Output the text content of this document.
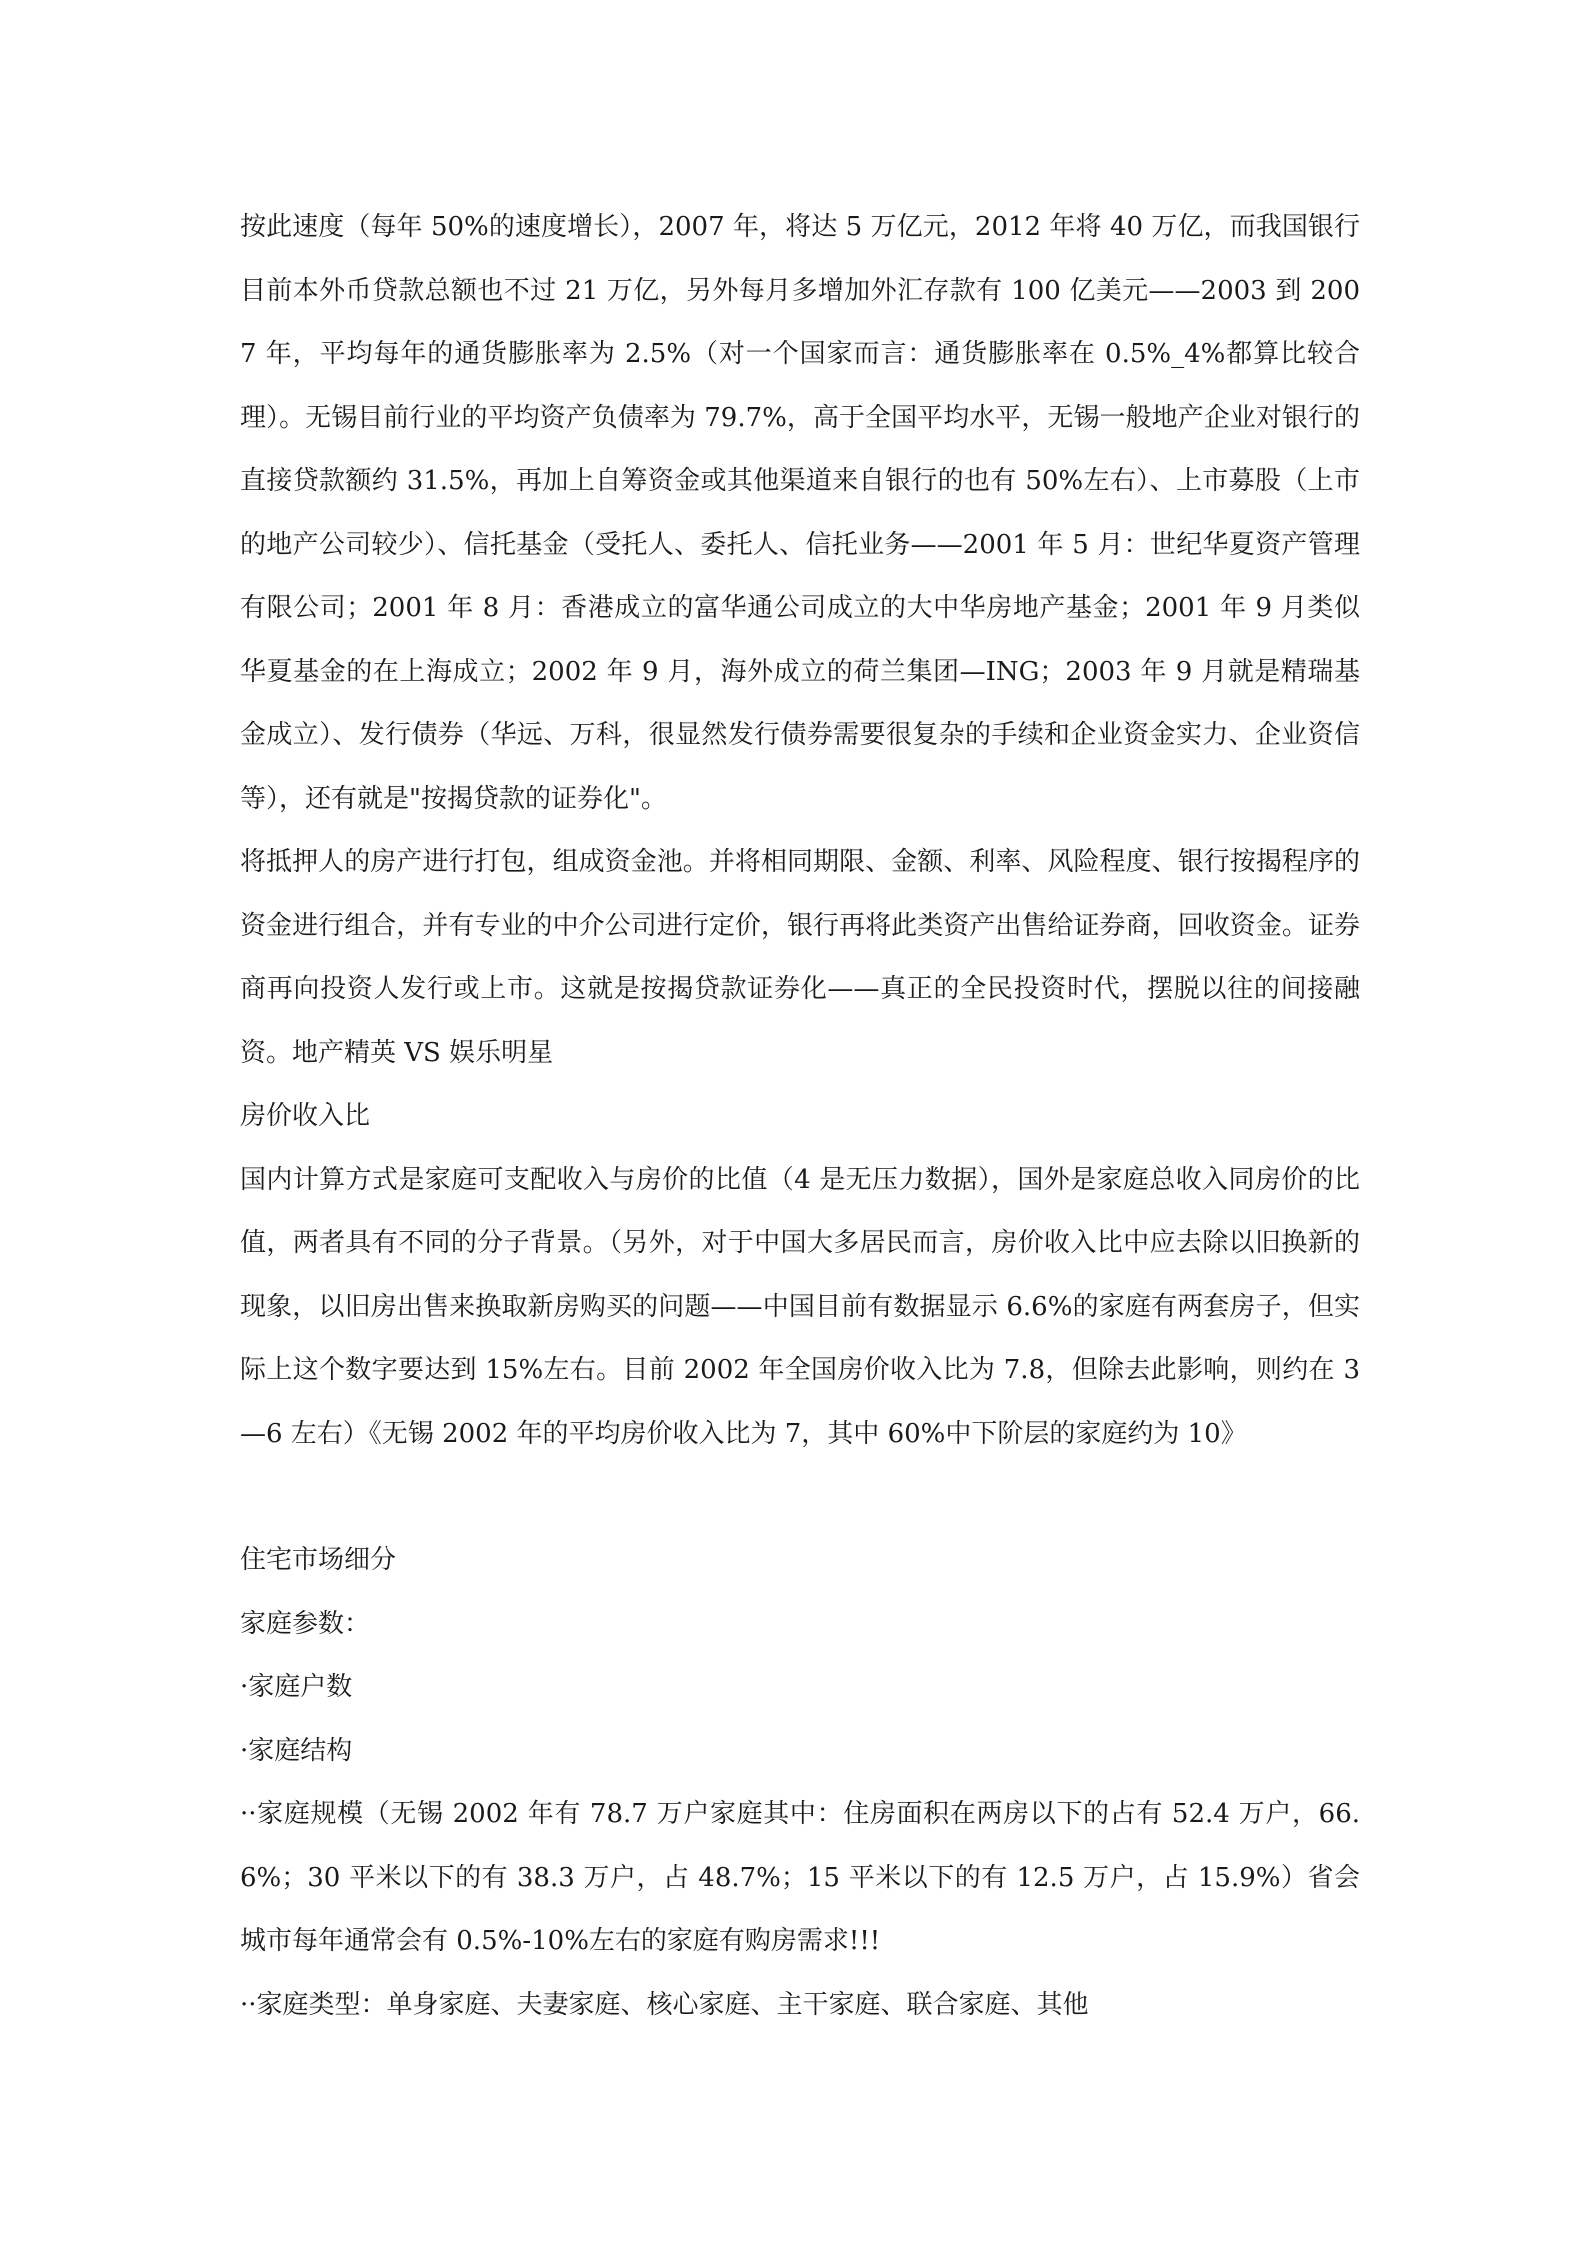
按此速度（每年 50%的速度增长），2007 年，将达 5 万亿元，2012 年将 40 万亿，而我国银行目前本外币贷款总额也不过 21 万亿，另外每月多增加外汇存款有 100 亿美元——2003 到 2007 年，平均每年的通货膨胀率为 2.5%（对一个国家而言：通货膨胀率在 0.5%_4%都算比较合理）。无锡目前行业的平均资产负债率为 79.7%，高于全国平均水平，无锡一般地产企业对银行的直接贷款额约 31.5%，再加上自筹资金或其他渠道来自银行的也有 50%左右）、上市募股（上市的地产公司较少）、信托基金（受托人、委托人、信托业务——2001 年 5 月：世纪华夏资产管理有限公司；2001 年 8 月：香港成立的富华通公司成立的大中华房地产基金；2001 年 9 月类似华夏基金的在上海成立；2002 年 9 月，海外成立的荷兰集团—ING；2003 年 9 月就是精瑞基金成立）、发行债券（华远、万科，很显然发行债券需要很复杂的手续和企业资金实力、企业资信等），还有就是"按揭贷款的证券化"。

将抵押人的房产进行打包，组成资金池。并将相同期限、金额、利率、风险程度、银行按揭程序的资金进行组合，并有专业的中介公司进行定价，银行再将此类资产出售给证券商，回收资金。证券商再向投资人发行或上市。这就是按揭贷款证券化——真正的全民投资时代，摆脱以往的间接融资。地产精英 VS 娱乐明星

房价收入比

国内计算方式是家庭可支配收入与房价的比值（4 是无压力数据），国外是家庭总收入同房价的比值，两者具有不同的分子背景。（另外，对于中国大多居民而言，房价收入比中应去除以旧换新的现象，以旧房出售来换取新房购买的问题——中国目前有数据显示 6.6%的家庭有两套房子，但实际上这个数字要达到 15%左右。目前 2002 年全国房价收入比为 7.8，但除去此影响，则约在 3—6 左右）《无锡 2002 年的平均房价收入比为 7，其中 60%中下阶层的家庭约为 10》

住宅市场细分

家庭参数：

·家庭户数

·家庭结构

··家庭规模（无锡 2002 年有 78.7 万户家庭其中：住房面积在两房以下的占有 52.4 万户，66.6%；30 平米以下的有 38.3 万户，占 48.7%；15 平米以下的有 12.5 万户，占 15.9%）省会城市每年通常会有 0.5%-10%左右的家庭有购房需求!!!

··家庭类型：单身家庭、夫妻家庭、核心家庭、主干家庭、联合家庭、其他
